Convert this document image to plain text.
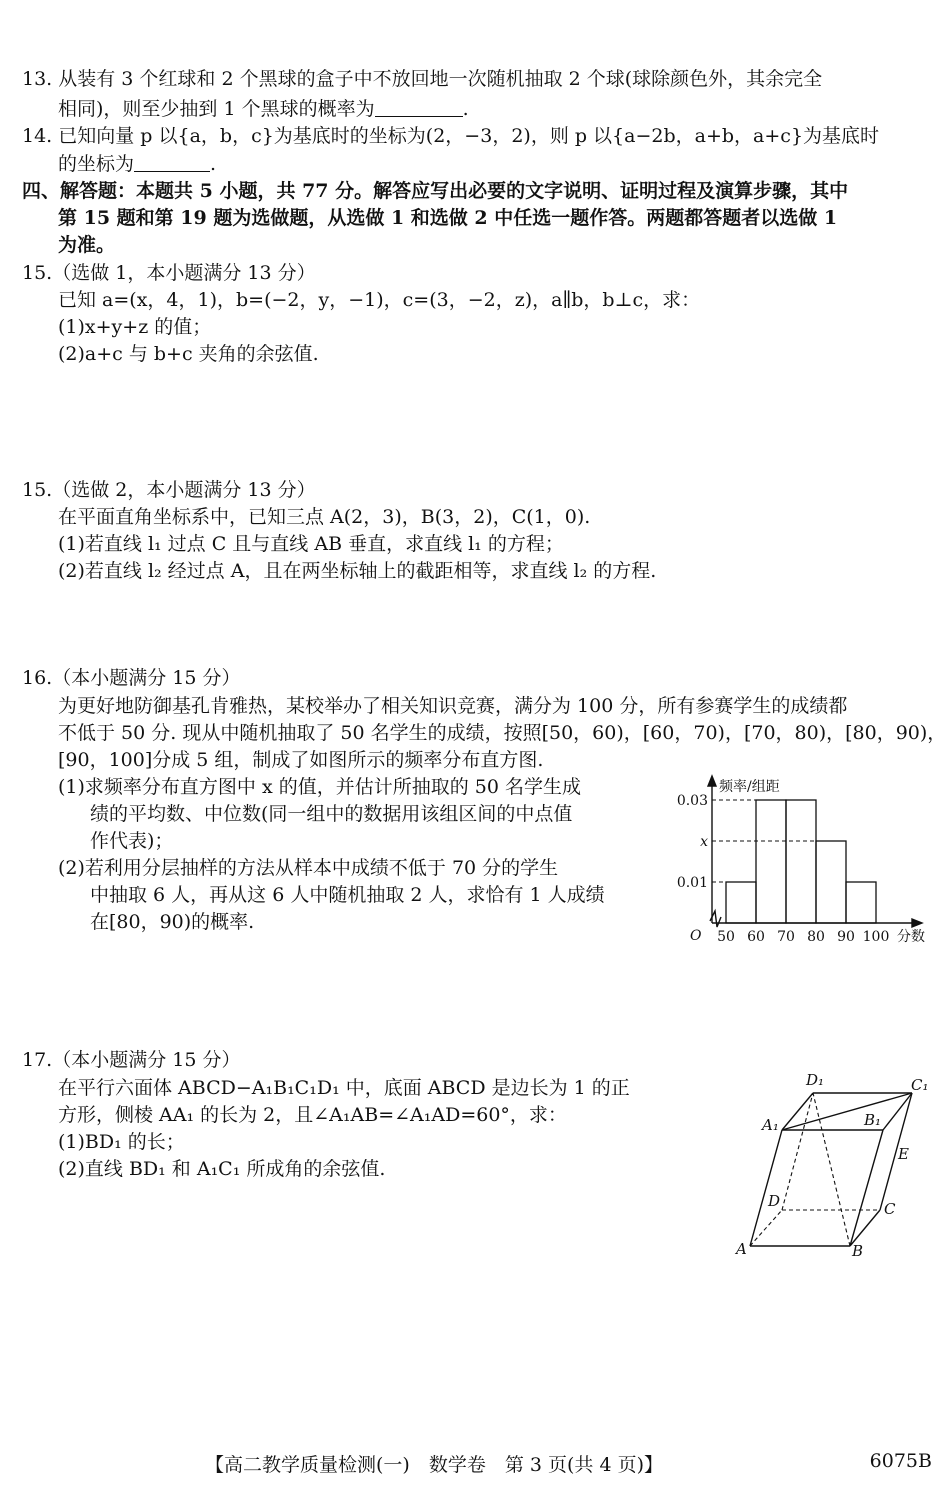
13. 从装有 3 个红球和 2 个黑球的盒子中不放回地一次随机抽取 2 个球(球除颜色外，其余完全
相同)，则至少抽到 1 个黑球的概率为	.
14. 已知向量 p 以{a，b，c}为基底时的坐标为(2，−3，2)，则 p 以{a−2b，a+b，a+c}为基底时
的坐标为	.
四、解答题：本题共 5 小题，共 77 分。解答应写出必要的文字说明、证明过程及演算步骤，其中
第 15 题和第 19 题为选做题，从选做 1 和选做 2 中任选一题作答。两题都答题者以选做 1
为准。
15.（选做 1，本小题满分 13 分）
已知 a=(x，4，1)，b=(−2，y，−1)，c=(3，−2，z)，a∥b，b⊥c，求：
(1)x+y+z 的值；
(2)a+c 与 b+c 夹角的余弦值.
15.（选做 2，本小题满分 13 分）
在平面直角坐标系中，已知三点 A(2，3)，B(3，2)，C(1，0).
(1)若直线 l₁ 过点 C 且与直线 AB 垂直，求直线 l₁ 的方程；
(2)若直线 l₂ 经过点 A，且在两坐标轴上的截距相等，求直线 l₂ 的方程.
16.（本小题满分 15 分）
为更好地防御基孔肯雅热，某校举办了相关知识竞赛，满分为 100 分，所有参赛学生的成绩都
不低于 50 分. 现从中随机抽取了 50 名学生的成绩，按照[50，60)，[60，70)，[70，80)，[80，90)，
[90，100]分成 5 组，制成了如图所示的频率分布直方图.
(1)求频率分布直方图中 x 的值，并估计所抽取的 50 名学生成
绩的平均数、中位数(同一组中的数据用该组区间的中点值
作代表)；
(2)若利用分层抽样的方法从样本中成绩不低于 70 分的学生
中抽取 6 人，再从这 6 人中随机抽取 2 人，求恰有 1 人成绩
在[80，90)的概率.
0.01
x
0.03
50 60 70 80 90 100
O	分数
频率/组距
17.（本小题满分 15 分）
在平行六面体 ABCD−A₁B₁C₁D₁ 中，底面 ABCD 是边长为 1 的正
方形，侧棱 AA₁ 的长为 2，且∠A₁AB=∠A₁AD=60°，求：
(1)BD₁ 的长；
(2)直线 BD₁ 和 A₁C₁ 所成角的余弦值.
A	B
C
D
A₁	B₁
C₁
D₁
E
【高二教学质量检测(一)　数学卷　第 3 页(共 4 页)】	6075B
